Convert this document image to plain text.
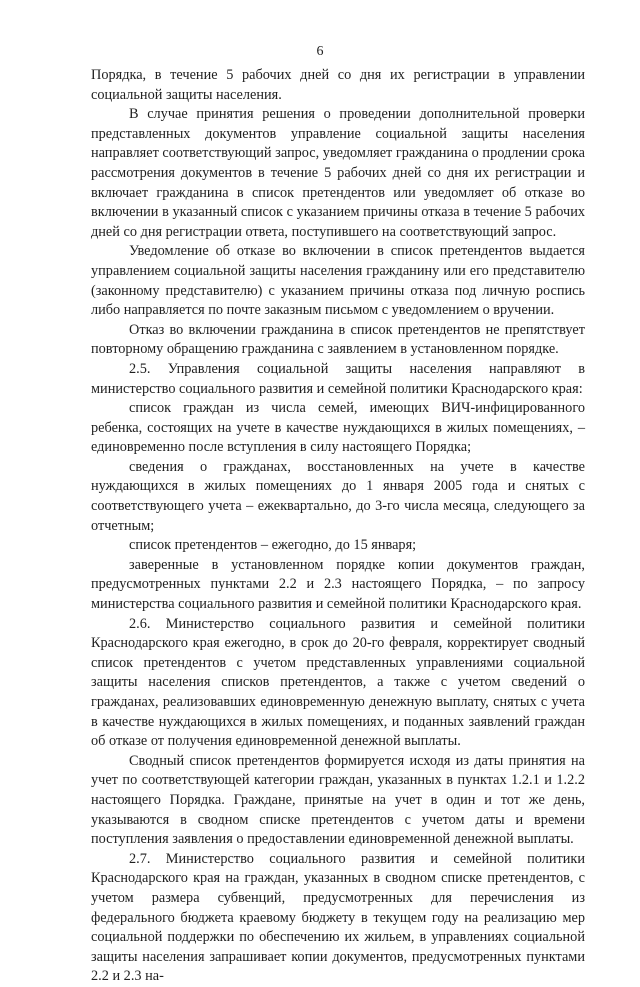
6

Порядка, в течение 5 рабочих дней со дня их регистрации в управлении социальной защиты населения.

В случае принятия решения о проведении дополнительной проверки представленных документов управление социальной защиты населения направляет соответствующий запрос, уведомляет гражданина о продлении срока рассмотрения документов в течение 5 рабочих дней со дня их регистрации и включает гражданина в список претендентов или уведомляет об отказе во включении в указанный список с указанием причины отказа в течение 5 рабочих дней со дня регистрации ответа, поступившего на соответствующий запрос.

Уведомление об отказе во включении в список претендентов выдается управлением социальной защиты населения гражданину или его представителю (законному представителю) с указанием причины отказа под личную роспись либо направляется по почте заказным письмом с уведомлением о вручении.

Отказ во включении гражданина в список претендентов не препятствует повторному обращению гражданина с заявлением в установленном порядке.

2.5. Управления социальной защиты населения направляют в министерство социального развития и семейной политики Краснодарского края:

список граждан из числа семей, имеющих ВИЧ-инфицированного ребенка, состоящих на учете в качестве нуждающихся в жилых помещениях, – единовременно после вступления в силу настоящего Порядка;

сведения о гражданах, восстановленных на учете в качестве нуждающихся в жилых помещениях до 1 января 2005 года и снятых с соответствующего учета – ежеквартально, до 3-го числа месяца, следующего за отчетным;

список претендентов – ежегодно, до 15 января;

заверенные в установленном порядке копии документов граждан, предусмотренных пунктами 2.2 и 2.3 настоящего Порядка, – по запросу министерства социального развития и семейной политики Краснодарского края.

2.6. Министерство социального развития и семейной политики Краснодарского края ежегодно, в срок до 20-го февраля, корректирует сводный список претендентов с учетом представленных управлениями социальной защиты населения списков претендентов, а также с учетом сведений о гражданах, реализовавших единовременную денежную выплату, снятых с учета в качестве нуждающихся в жилых помещениях, и поданных заявлений граждан об отказе от получения единовременной денежной выплаты.

Сводный список претендентов формируется исходя из даты принятия на учет по соответствующей категории граждан, указанных в пунктах 1.2.1 и 1.2.2 настоящего Порядка. Граждане, принятые на учет в один и тот же день, указываются в сводном списке претендентов с учетом даты и времени поступления заявления о предоставлении единовременной денежной выплаты.

2.7. Министерство социального развития и семейной политики Краснодарского края на граждан, указанных в сводном списке претендентов, с учетом размера субвенций, предусмотренных для перечисления из федерального бюджета краевому бюджету в текущем году на реализацию мер социальной поддержки по обеспечению их жильем, в управлениях социальной защиты населения запрашивает копии документов, предусмотренных пунктами 2.2 и 2.3 на-
